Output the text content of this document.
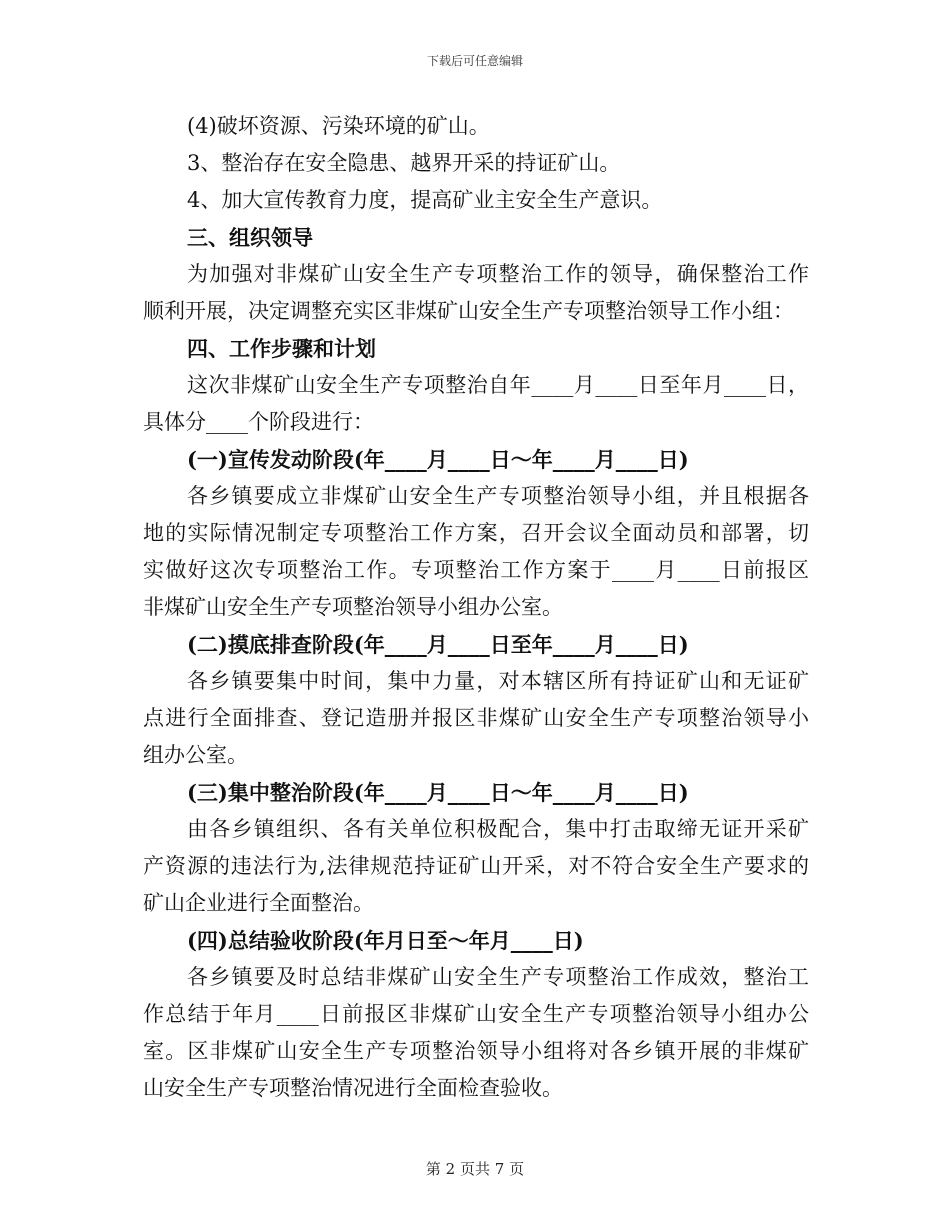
下载后可任意编辑
(4)破坏资源、污染环境的矿山。
3、整治存在安全隐患、越界开采的持证矿山。
4、加大宣传教育力度，提高矿业主安全生产意识。
三、组织领导
为加强对非煤矿山安全生产专项整治工作的领导，确保整治工作
顺利开展，决定调整充实区非煤矿山安全生产专项整治领导工作小组：
四、工作步骤和计划
这次非煤矿山安全生产专项整治自年____月____日至年月____日，
具体分____个阶段进行：
(一)宣传发动阶段(年____月____日～年____月____日)
各乡镇要成立非煤矿山安全生产专项整治领导小组，并且根据各
地的实际情况制定专项整治工作方案，召开会议全面动员和部署，切
实做好这次专项整治工作。专项整治工作方案于____月____日前报区
非煤矿山安全生产专项整治领导小组办公室。
(二)摸底排查阶段(年____月____日至年____月____日)
各乡镇要集中时间，集中力量，对本辖区所有持证矿山和无证矿
点进行全面排查、登记造册并报区非煤矿山安全生产专项整治领导小
组办公室。
(三)集中整治阶段(年____月____日～年____月____日)
由各乡镇组织、各有关单位积极配合，集中打击取缔无证开采矿
产资源的违法行为,法律规范持证矿山开采，对不符合安全生产要求的
矿山企业进行全面整治。
(四)总结验收阶段(年月日至～年月____日)
各乡镇要及时总结非煤矿山安全生产专项整治工作成效，整治工
作总结于年月____日前报区非煤矿山安全生产专项整治领导小组办公
室。区非煤矿山安全生产专项整治领导小组将对各乡镇开展的非煤矿
山安全生产专项整治情况进行全面检查验收。
第 2 页共 7 页
